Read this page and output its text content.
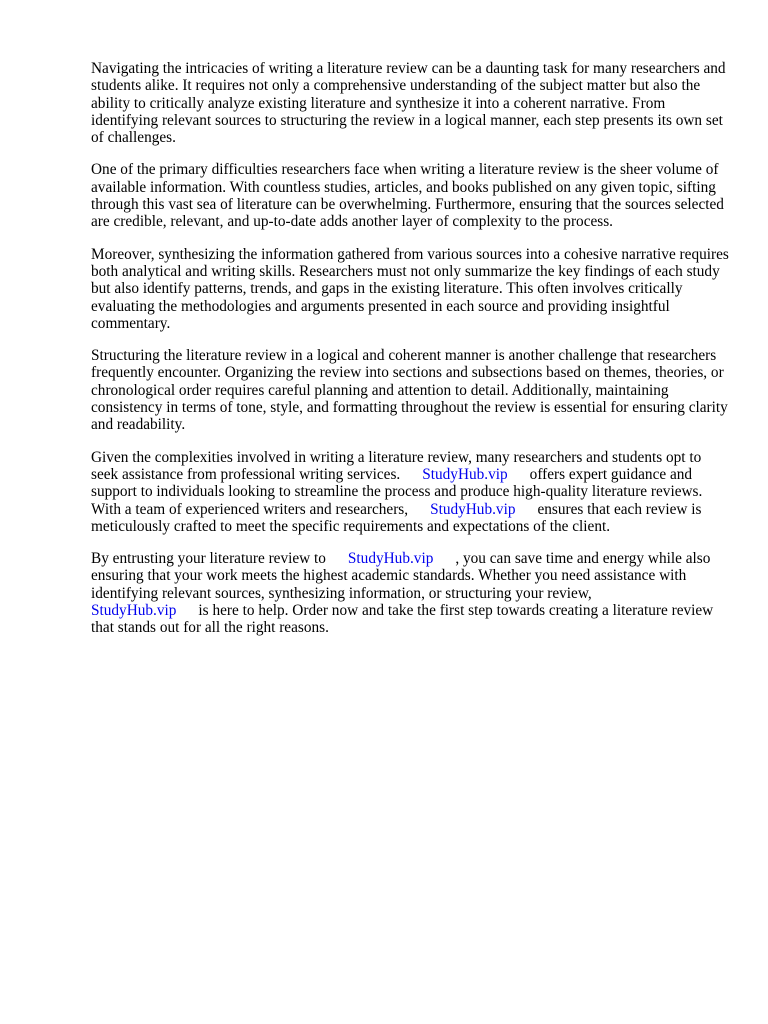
Navigating the intricacies of writing a literature review can be a daunting task for many researchers and students alike. It requires not only a comprehensive understanding of the subject matter but also the ability to critically analyze existing literature and synthesize it into a coherent narrative. From identifying relevant sources to structuring the review in a logical manner, each step presents its own set of challenges.

One of the primary difficulties researchers face when writing a literature review is the sheer volume of available information. With countless studies, articles, and books published on any given topic, sifting through this vast sea of literature can be overwhelming. Furthermore, ensuring that the sources selected are credible, relevant, and up-to-date adds another layer of complexity to the process.

Moreover, synthesizing the information gathered from various sources into a cohesive narrative requires both analytical and writing skills. Researchers must not only summarize the key findings of each study but also identify patterns, trends, and gaps in the existing literature. This often involves critically evaluating the methodologies and arguments presented in each source and providing insightful commentary.

Structuring the literature review in a logical and coherent manner is another challenge that researchers frequently encounter. Organizing the review into sections and subsections based on themes, theories, or chronological order requires careful planning and attention to detail. Additionally, maintaining consistency in terms of tone, style, and formatting throughout the review is essential for ensuring clarity and readability.

Given the complexities involved in writing a literature review, many researchers and students opt to seek assistance from professional writing services. StudyHub.vip offers expert guidance and support to individuals looking to streamline the process and produce high-quality literature reviews. With a team of experienced writers and researchers, StudyHub.vip ensures that each review is meticulously crafted to meet the specific requirements and expectations of the client.

By entrusting your literature review to StudyHub.vip , you can save time and energy while also ensuring that your work meets the highest academic standards. Whether you need assistance with identifying relevant sources, synthesizing information, or structuring your review,
StudyHub.vip is here to help. Order now and take the first step towards creating a literature review that stands out for all the right reasons.
